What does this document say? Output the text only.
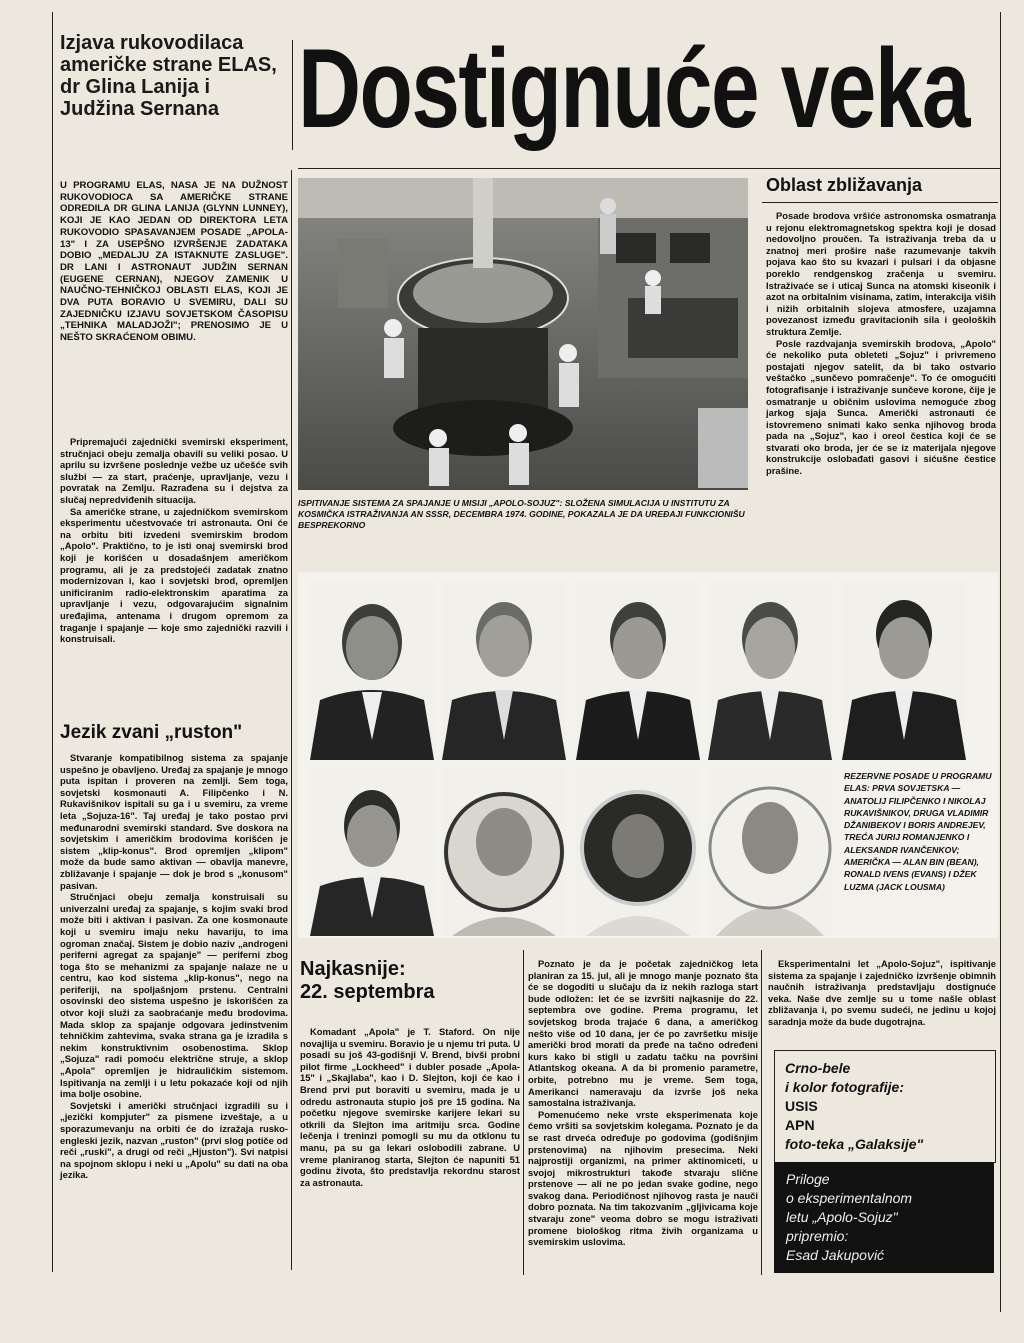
Izjava rukovodilaca američke strane ELAS, dr Glina Lanija i Judžina Sernana Dostignuće veka
U PROGRAMU ELAS, NASA JE NA DUŽNOST RUKOVODIOCA SA AMERIČKE STRANE ODREDILA DR GLINA LANIJA (GLYNN LUNNEY), KOJI JE KAO JEDAN OD DIREKTORA LETA RUKOVODIO SPASAVANJEM POSADE „APOLA-13" I ZA USEPŠNO IZVRŠENJE ZADATAKA DOBIO „MEDALJU ZA ISTAKNUTE ZASLUGE". DR LANI I ASTRONAUT JUDŽIN SERNAN (EUGENE CERNAN), NJEGOV ZAMENIK U NAUČNO-TEHNIČKOJ OBLASTI ELAS, KOJI JE DVA PUTA BORAVIO U SVEMIRU, DALI SU ZAJEDNIČKU IZJAVU SOVJETSKOM ČASOPISU „TEHNIKA MALADJOŽI"; PRENOSIMO JE U NEŠTO SKRAĆENOM OBIMU.

Pripremajući zajednički svemirski eksperiment, stručnjaci obeju zemalja obavili su veliki posao. U aprilu su izvršene poslednje vežbe uz učešće svih službi — za start, praćenje, upravljanje, vezu i povratak na Zemlju. Razrađena su i dejstva za slučaj nepredviđenih situacija.

Sa američke strane, u zajedničkom svemirskom eksperimentu učestvovaće tri astronauta. Oni će na orbitu biti izvedeni svemirskim brodom „Apolo". Praktično, to je isti onaj svemirski brod koji je korišćen u dosadašnjem američkom programu, ali je za predstojeći zadatak znatno modernizovan i, kao i sovjetski brod, opremljen unificiranim radio-elektronskim aparatima za upravljanje i vezu, odgovarajućim signalnim uređajima, antenama i drugom opremom za traganje i spajanje — koje smo zajednički razvili i konstruisali.

Jezik zvani „ruston"

Stvaranje kompatibilnog sistema za spajanje uspešno je obavljeno. Uređaj za spajanje je mnogo puta ispitan i proveren na zemlji. Sem toga, sovjetski kosmonauti A. Filipčenko i N. Rukavišnikov ispitali su ga i u svemiru, za vreme leta „Sojuza-16". Taj uređaj je tako postao prvi međunarodni svemirski standard. Sve doskora na sovjetskim i američkim brodovima korišćen je sistem „klip-konus". Brod opremljen „klipom" može da bude samo aktivan — obavlja manevre, zbližavanje i spajanje — dok je brod s „konusom" pasivan.

Stručnjaci obeju zemalja konstruisali su univerzalni uređaj za spajanje, s kojim svaki brod može biti i aktivan i pasivan. Za one kosmonaute koji u svemiru imaju neku havariju, to ima ogroman značaj. Sistem je dobio naziv „androgeni periferni agregat za spajanje" — periferni zbog toga što se mehanizmi za spajanje nalaze ne u centru, kao kod sistema „klip-konus", nego na periferiji, na spoljašnjom prstenu. Centralni osovinski deo sistema uspešno je iskorišćen za otvor koji služi za saobraćanje među brodovima. Mada sklop za spajanje odgovara jedinstvenim tehničkim zahtevima, svaka strana ga je izradila s nekim konstruktivnim osobenostima. Sklop „Sojuza" radi pomoću električne struje, a sklop „Apola" opremljen je hidrauličkim sistemom. Ispitivanja na zemlji i u letu pokazaće koji od njih ima bolje osobine.

Sovjetski i američki stručnjaci izgradili su i „jezički kompjuter" za pismene izveštaje, a u sporazumevanju na orbiti će do izražaja rusko-engleski jezik, nazvan „ruston" (prvi slog potiče od reči „ruski", a drugi od reči „Hjuston"). Svi natpisi na spojnom sklopu i neki u „Apolu" su dati na oba jezika.

ISPITIVANJE SISTEMA ZA SPAJANJE U MISIJI „APOLO-SOJUZ": SLOŽENA SIMULACIJA U INSTITUTU ZA KOSMIČKA ISTRAŽIVANJA AN SSSR, DECEMBRA 1974. GODINE, POKAZALA JE DA UREĐAJI FUNKCIONIŠU BESPREKORNO
Oblast zbližavanja

Posade brodova vršiće astronomska osmatranja u rejonu elektromagnetskog spektra koji je dosad nedovoljno proučen. Ta istraživanja treba da u znatnoj meri prošire naše razumevanje takvih pojava kao što su kvazari i pulsari i da objasne poreklo rendgenskog zračenja u svemiru. Istraživaće se i uticaj Sunca na atomski kiseonik i azot na orbitalnim visinama, zatim, interakcija viših i nižih orbitalnih slojeva atmosfere, uzajamna povezanost između gravitacionih sila i geoloških struktura Zemlje.

Posle razdvajanja svemirskih brodova, „Apolo" će nekoliko puta obleteti „Sojuz" i privremeno postajati njegov satelit, da bi tako ostvario veštačko „sunčevo pomračenje". To će omogućiti fotografisanje i istraživanje sunčeve korone, čije je osmatranje u običnim uslovima nemoguće zbog jarkog sjaja Sunca. Američki astronauti će istovremeno snimati kako senka njihovog broda pada na „Sojuz", kao i oreol čestica koji će se stvarati oko broda, jer će se iz materijala njegove konstrukcije oslobađati gasovi i sićušne čestice prašine.

REZERVNE POSADE U PROGRAMU ELAS: PRVA SOVJETSKA — ANATOLIJ FILIPČENKO I NIKOLAJ RUKAVIŠNIKOV, DRUGA VLADIMIR DŽANIBEKOV I BORIS ANDREJEV, TREĆA JURIJ ROMANJENKO I ALEKSANDR IVANČENKOV; AMERIČKA — ALAN BIN (BEAN), RONALD IVENS (EVANS) I DŽEK LUZMA (JACK LOUSMA)
Najkasnije:
22. septembra

Komadant „Apola" je T. Staford. On nije novajlija u svemiru. Boravio je u njemu tri puta. U posadi su još 43-godišnji V. Brend, bivši probni pilot firme „Lockheed" i dubler posade „Apola-15" i „Skajlaba", kao i D. Slejton, koji će kao i Brend prvi put boraviti u svemiru, mada je u odredu astronauta stupio još pre 15 godina. Na početku njegove svemirske karijere lekari su otkrili da Slejton ima aritmiju srca. Godine lečenja i treninzi pomogli su mu da otklonu tu manu, pa su ga lekari oslobodili zabrane. U vreme planiranog starta, Slejton će napuniti 51 godinu života, što predstavlja rekordnu starost za astronauta.

Poznato je da je početak zajedničkog leta planiran za 15. jul, ali je mnogo manje poznato šta će se dogoditi u slučaju da iz nekih razloga start bude odložen: let će se izvršiti najkasnije do 22. septembra ove godine. Prema programu, let sovjetskog broda trajaće 6 dana, a američkog nešto više od 10 dana, jer će po završetku misije američki brod morati da pređe na tačno određeni kurs kako bi stigli u zadatu tačku na površini Atlantskog okeana. A da bi promenio parametre, orbite, potrebno mu je vreme. Sem toga, Amerikanci nameravaju da izvrše još neka samostalna istraživanja.

Pomenućemo neke vrste eksperimenata koje ćemo vršiti sa sovjetskim kolegama. Poznato je da se rast drveća određuje po godovima (godišnjim prstenovima) na njihovim presecima. Neki najprostiji organizmi, na primer aktinomiceti, u svojoj mikrostrukturi takođe stvaraju slične prstenove — ali ne po jedan svake godine, nego svakog dana. Periodičnost njihovog rasta je nauči dobro poznata. Na tim takozvanim „gljivicama koje stvaraju zone" veoma dobro se mogu istraživati promene biološkog ritma živih organizama u svemirskim uslovima.

Eksperimentalni let „Apolo-Sojuz", ispitivanje sistema za spajanje i zajedničko izvršenje obimnih naučnih istraživanja predstavljaju dostignuće veka. Naše dve zemlje su u tome našle oblast zbližavanja i, po svemu sudeći, ne jedinu u kojoj saradnja može da bude dugotrajna.

Crno-bele
i kolor fotografije:
USIS
APN
foto-teka „Galaksije"
Priloge
o eksperimentalnom
letu „Apolo-Sojuz"
pripremio:
Esad Jakupović
